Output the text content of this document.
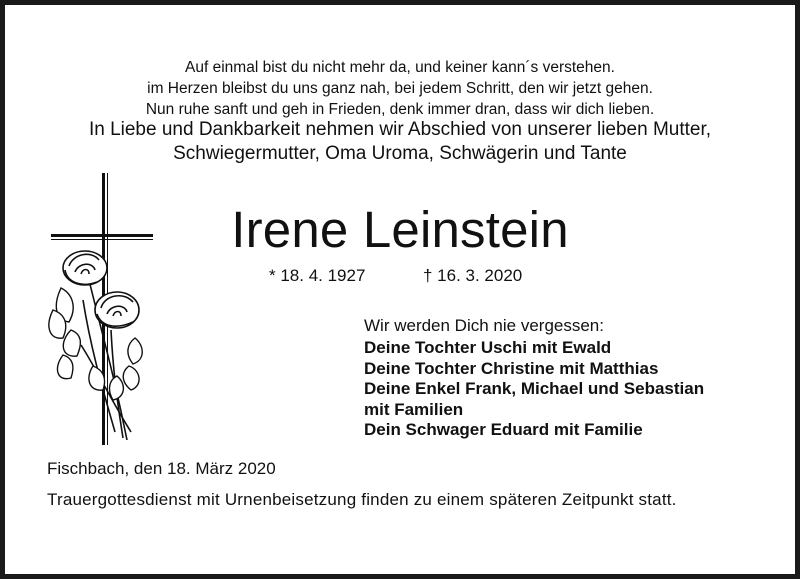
Auf einmal bist du nicht mehr da, und keiner kann´s verstehen.
im Herzen bleibst du uns ganz nah, bei jedem Schritt, den wir jetzt gehen.
Nun ruhe sanft und geh in Frieden, denk immer dran, dass wir dich lieben.
In Liebe und Dankbarkeit nehmen wir Abschied von unserer lieben Mutter,
Schwiegermutter, Oma Uroma, Schwägerin und Tante
Irene Leinstein
* 18. 4. 1927	† 16. 3. 2020
Wir werden Dich nie vergessen:
Deine Tochter Uschi mit Ewald
Deine Tochter Christine mit Matthias
Deine Enkel Frank, Michael und Sebastian
mit Familien
Dein Schwager Eduard mit Familie
Fischbach, den 18. März 2020
Trauergottesdienst mit Urnenbeisetzung finden zu einem späteren Zeitpunkt statt.
